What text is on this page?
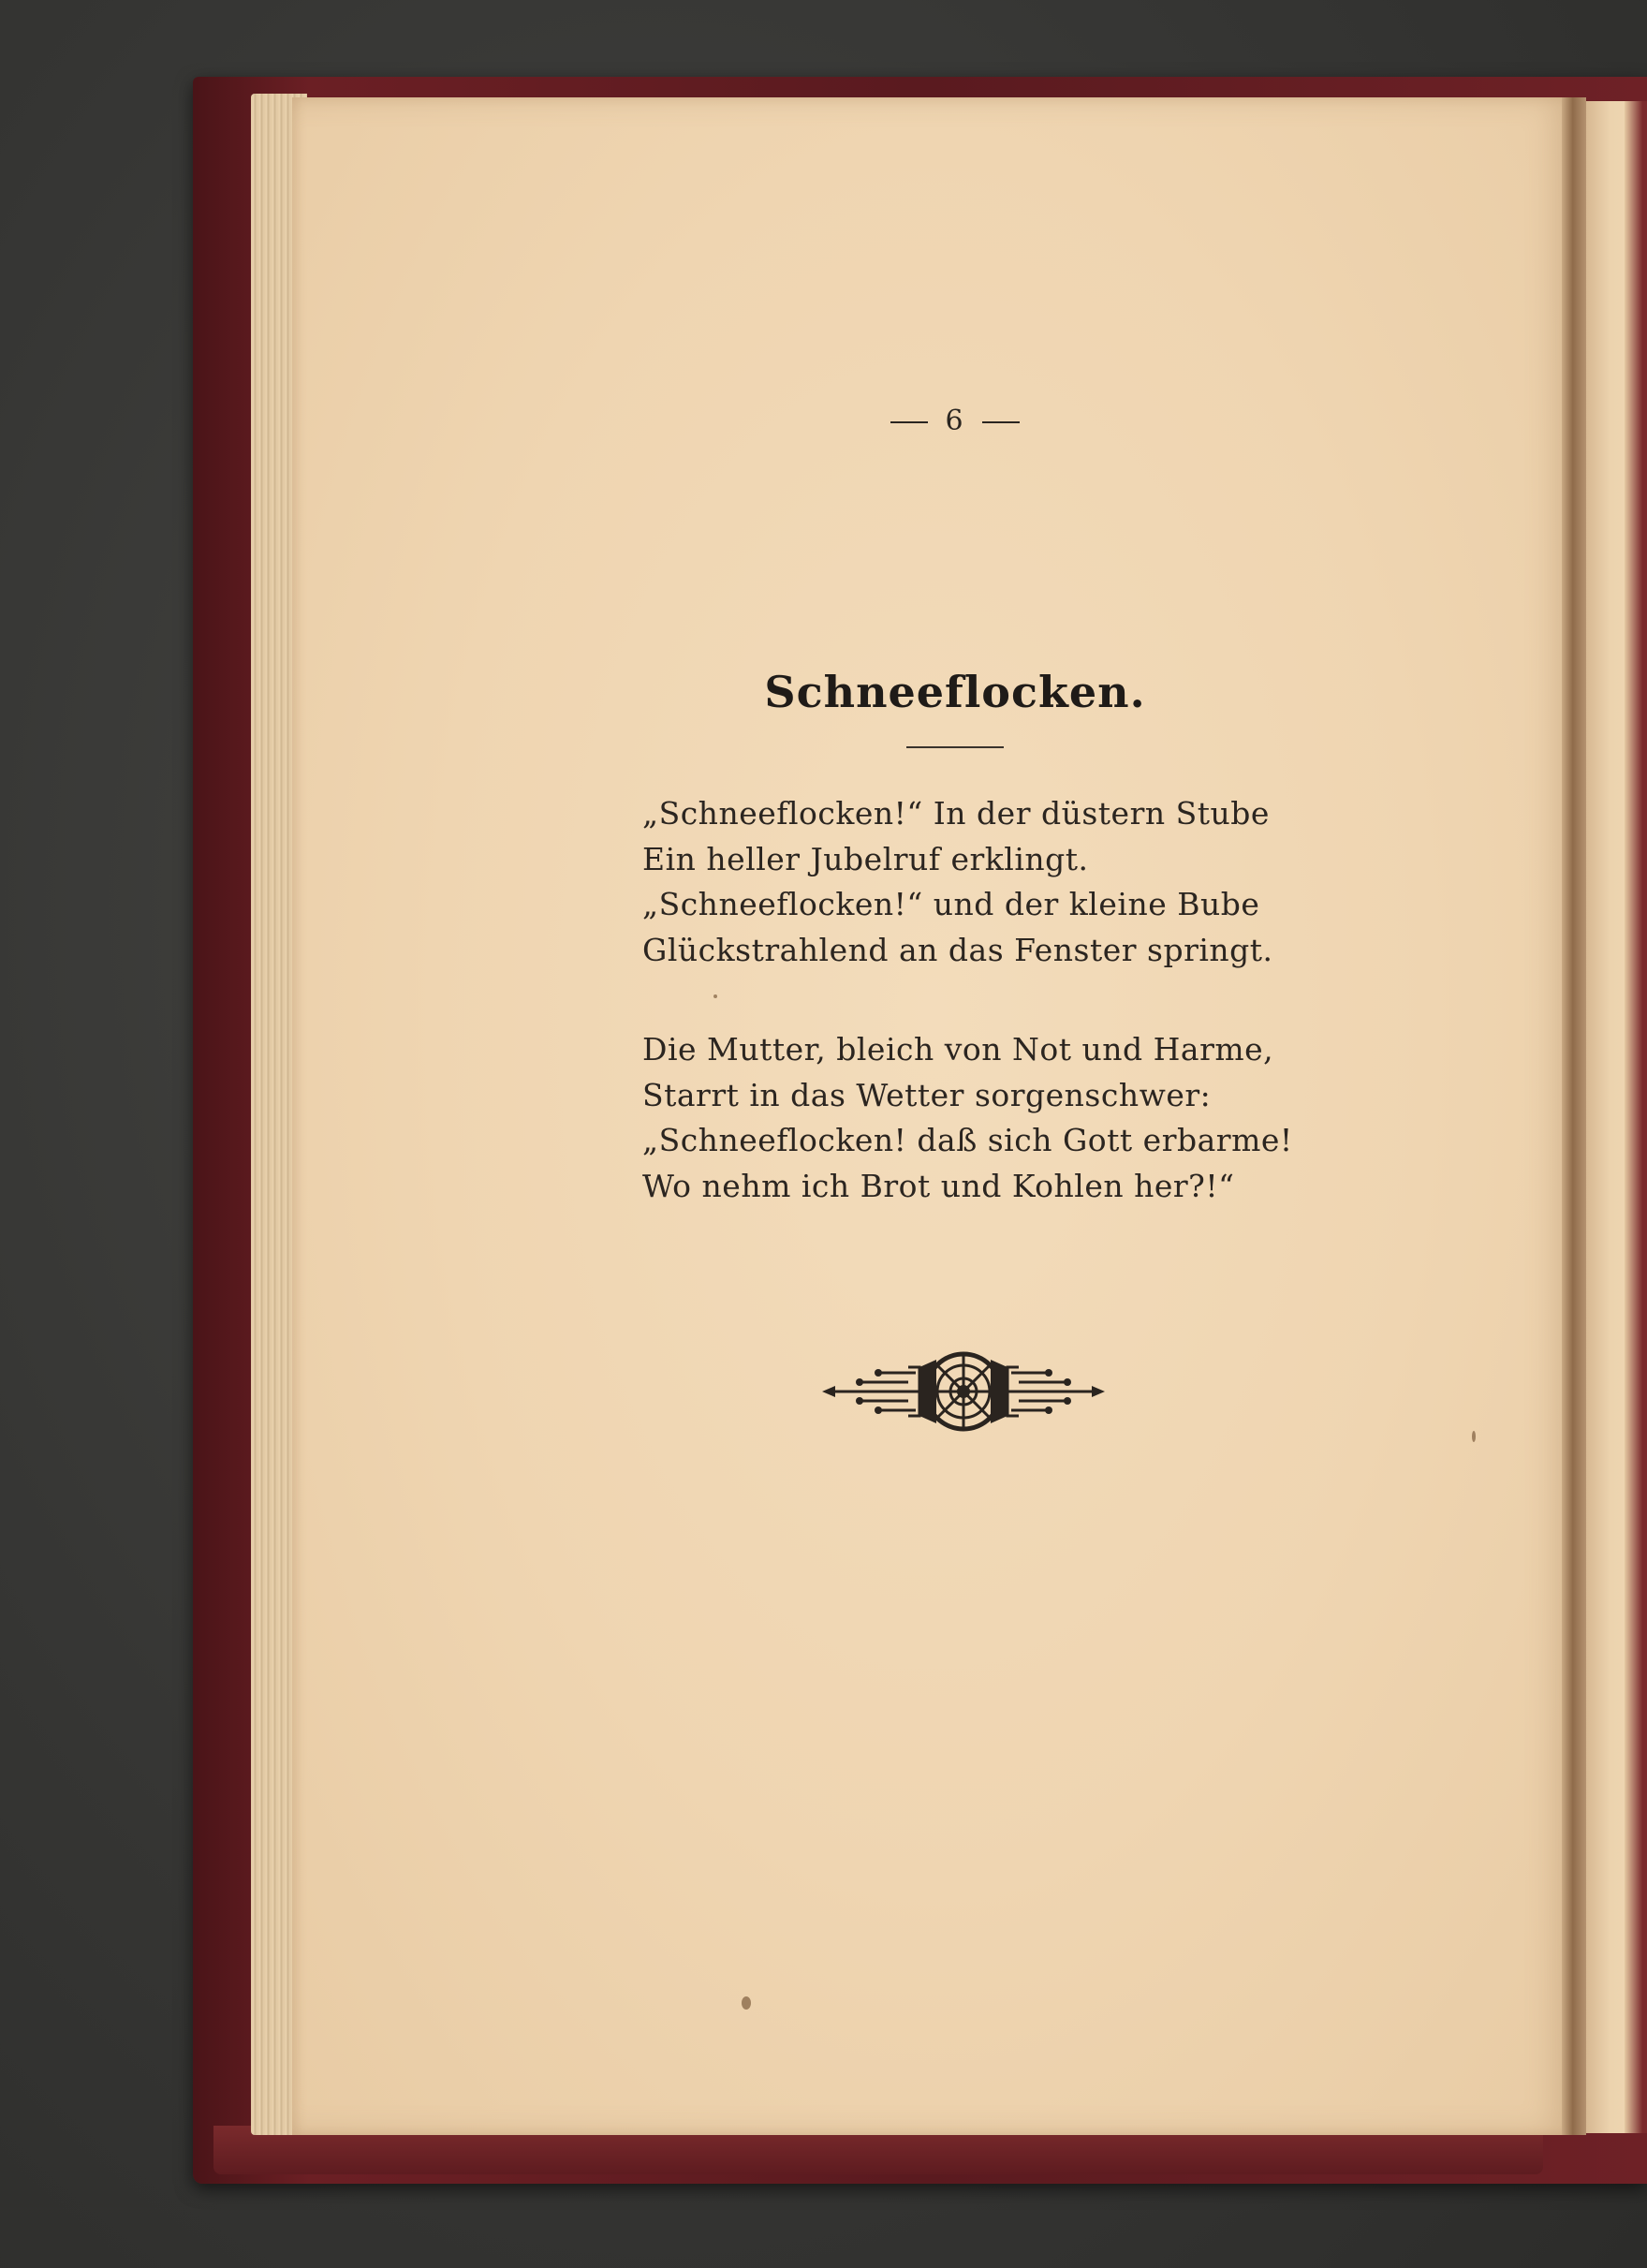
6
Schneeflocken.
„Schneeflocken!“ In der düstern Stube
Ein heller Jubelruf erklingt.
„Schneeflocken!“ und der kleine Bube
Glückstrahlend an das Fenster springt.
Die Mutter, bleich von Not und Harme,
Starrt in das Wetter sorgenschwer:
„Schneeflocken! daß sich Gott erbarme!
Wo nehm ich Brot und Kohlen her?!“
